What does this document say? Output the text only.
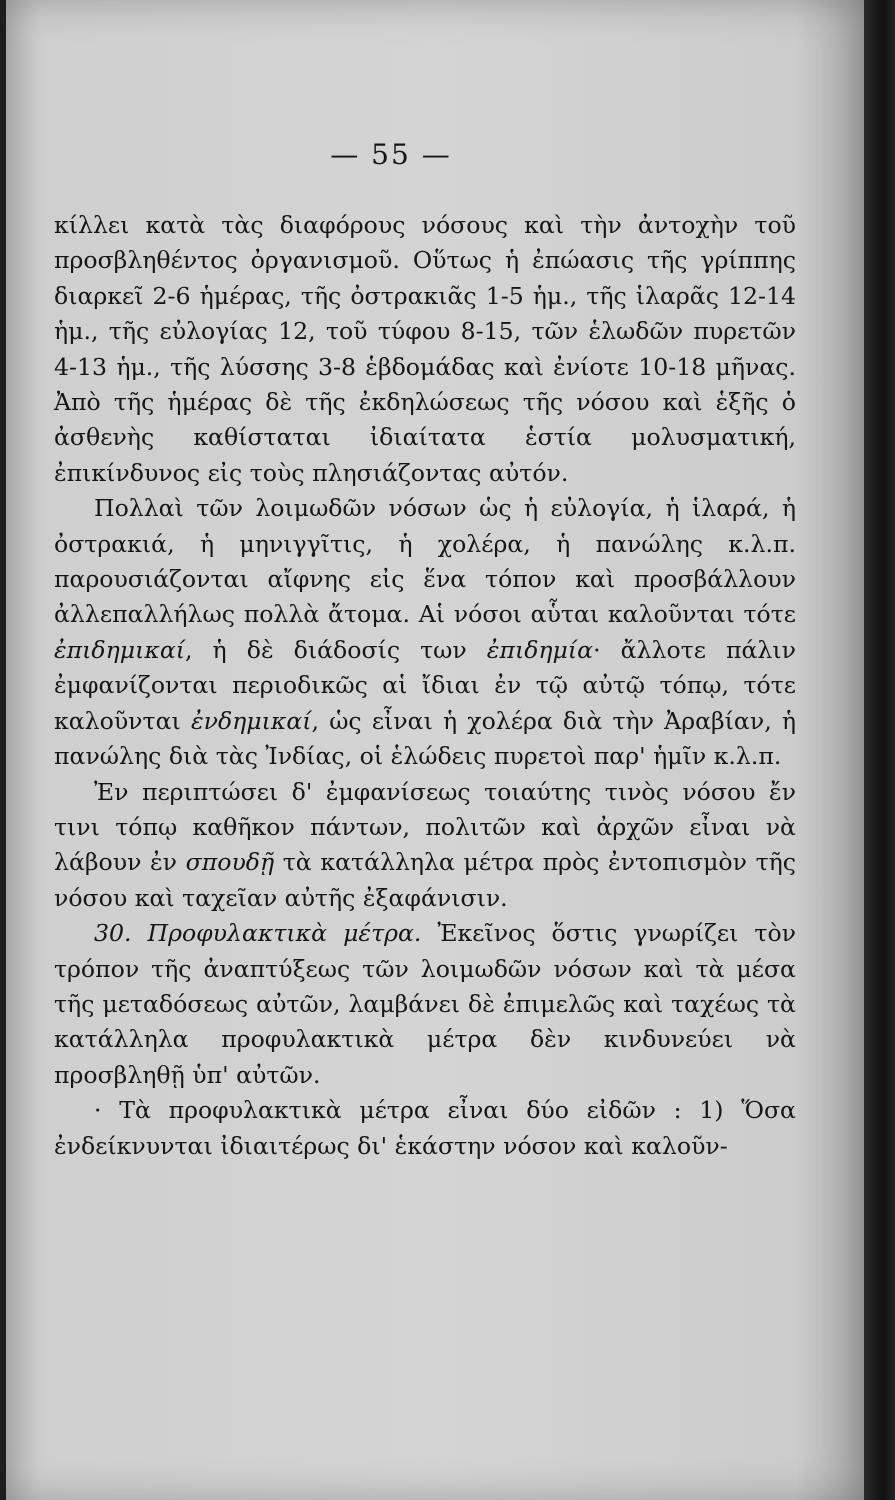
— 55 —

κίλλει κατὰ τὰς διαφόρους νόσους καὶ τὴν ἀντοχὴν τοῦ προσβληθέντος ὀργανισμοῦ. Οὕτως ἡ ἐπώασις τῆς γρίππης διαρκεῖ 2-6 ἡμέρας, τῆς ὀστρακιᾶς 1-5 ἡμ., τῆς ἱλαρᾶς 12-14 ἡμ., τῆς εὐλογίας 12, τοῦ τύφου 8-15, τῶν ἑλωδῶν πυρετῶν 4-13 ἡμ., τῆς λύσσης 3-8 ἑβδομάδας καὶ ἐνίοτε 10-18 μῆνας. Ἀπὸ τῆς ἡμέρας δὲ τῆς ἐκδηλώσεως τῆς νόσου καὶ ἑξῆς ὁ ἀσθενὴς καθίσταται ἰδιαίτατα ἑστία μολυσματική, ἐπικίνδυνος εἰς τοὺς πλησιάζοντας αὐτόν.

Πολλαὶ τῶν λοιμωδῶν νόσων ὡς ἡ εὐλογία, ἡ ἱλαρά, ἡ ὀστρακιά, ἡ μηνιγγῖτις, ἡ χολέρα, ἡ πανώλης κ.λ.π. παρουσιάζονται αἴφνης εἰς ἕνα τόπον καὶ προσβάλλουν ἀλλεπαλλήλως πολλὰ ἄτομα. Αἱ νόσοι αὗται καλοῦνται τότε ἐπιδημικαί, ἡ δὲ διάδοσίς των ἐπιδημία· ἄλλοτε πάλιν ἐμφανίζονται περιοδικῶς αἱ ἴδιαι ἐν τῷ αὐτῷ τόπῳ, τότε καλοῦνται ἐνδημικαί, ὡς εἶναι ἡ χολέρα διὰ τὴν Ἀραβίαν, ἡ πανώλης διὰ τὰς Ἰνδίας, οἱ ἑλώδεις πυρετοὶ παρ' ἡμῖν κ.λ.π.

Ἐν περιπτώσει δ' ἐμφανίσεως τοιαύτης τινὸς νόσου ἔν τινι τόπῳ καθῆκον πάντων, πολιτῶν καὶ ἀρχῶν εἶναι νὰ λάβουν ἐν σπουδῇ τὰ κατάλληλα μέτρα πρὸς ἐντοπισμὸν τῆς νόσου καὶ ταχεῖαν αὐτῆς ἐξαφάνισιν.

30. Προφυλακτικὰ μέτρα. Ἐκεῖνος ὅστις γνωρίζει τὸν τρόπον τῆς ἀναπτύξεως τῶν λοιμωδῶν νόσων καὶ τὰ μέσα τῆς μεταδόσεως αὐτῶν, λαμβάνει δὲ ἐπιμελῶς καὶ ταχέως τὰ κατάλληλα προφυλακτικὰ μέτρα δὲν κινδυνεύει νὰ προσβληθῇ ὑπ' αὐτῶν.

· Τὰ προφυλακτικὰ μέτρα εἶναι δύο εἰδῶν : 1) Ὅσα ἐνδείκνυνται ἰδιαιτέρως δι' ἑκάστην νόσον καὶ καλοῦν-
